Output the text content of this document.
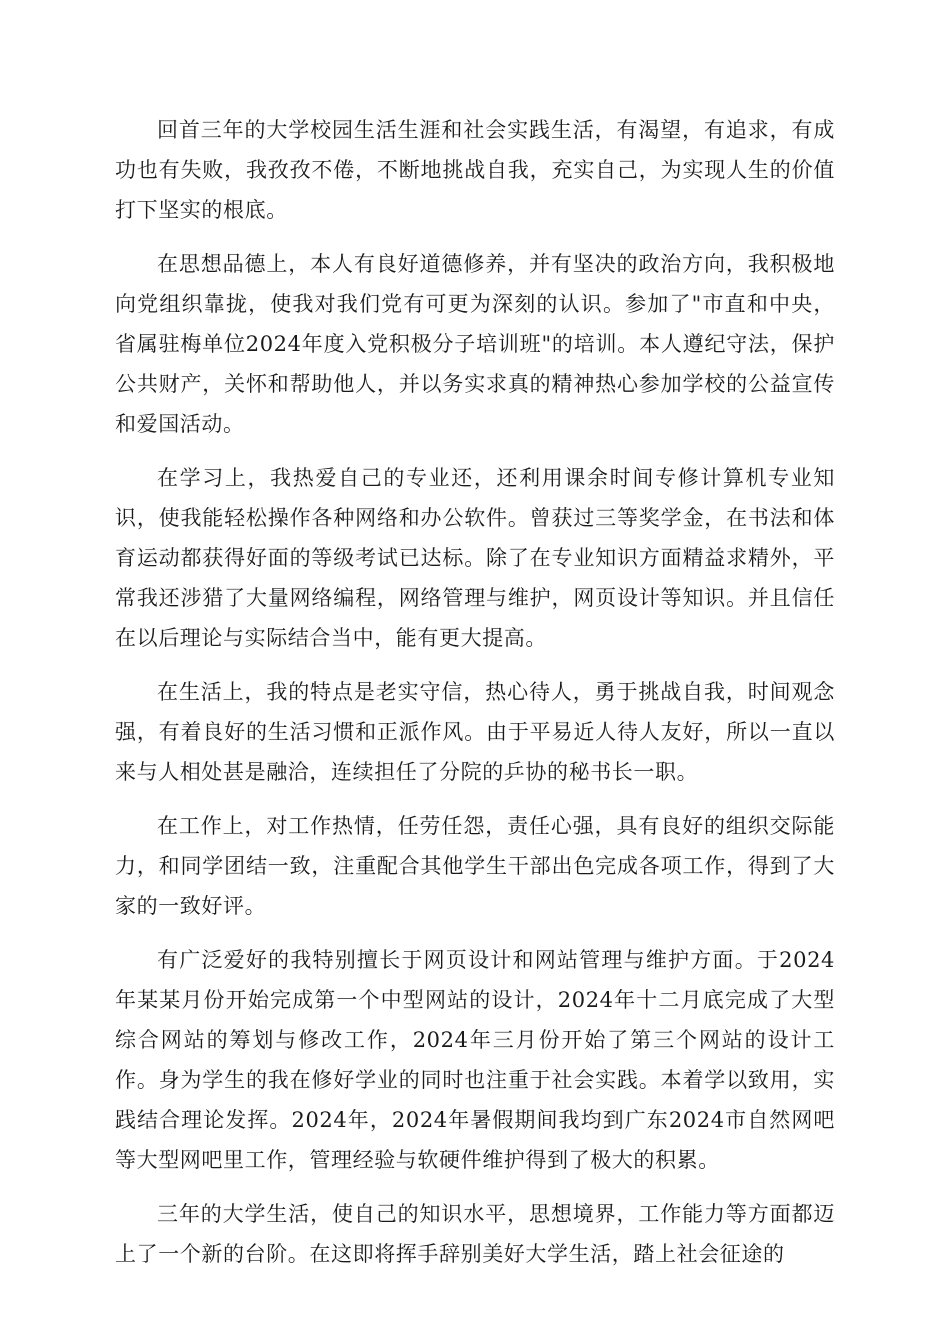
回首三年的大学校园生活生涯和社会实践生活，有渴望，有追求，有成功也有失败，我孜孜不倦，不断地挑战自我，充实自己，为实现人生的价值打下坚实的根底。

在思想品德上，本人有良好道德修养，并有坚决的政治方向，我积极地向党组织靠拢，使我对我们党有可更为深刻的认识。参加了"市直和中央，省属驻梅单位2024年度入党积极分子培训班"的培训。本人遵纪守法，保护公共财产，关怀和帮助他人，并以务实求真的精神热心参加学校的公益宣传和爱国活动。

在学习上，我热爱自己的专业还，还利用课余时间专修计算机专业知识，使我能轻松操作各种网络和办公软件。曾获过三等奖学金，在书法和体育运动都获得好面的等级考试已达标。除了在专业知识方面精益求精外，平常我还涉猎了大量网络编程，网络管理与维护，网页设计等知识。并且信任在以后理论与实际结合当中，能有更大提高。

在生活上，我的特点是老实守信，热心待人，勇于挑战自我，时间观念强，有着良好的生活习惯和正派作风。由于平易近人待人友好，所以一直以来与人相处甚是融洽，连续担任了分院的乒协的秘书长一职。

在工作上，对工作热情，任劳任怨，责任心强，具有良好的组织交际能力，和同学团结一致，注重配合其他学生干部出色完成各项工作，得到了大家的一致好评。

有广泛爱好的我特别擅长于网页设计和网站管理与维护方面。于2024年某某月份开始完成第一个中型网站的设计，2024年十二月底完成了大型综合网站的筹划与修改工作，2024年三月份开始了第三个网站的设计工作。身为学生的我在修好学业的同时也注重于社会实践。本着学以致用，实践结合理论发挥。2024年，2024年暑假期间我均到广东2024市自然网吧等大型网吧里工作，管理经验与软硬件维护得到了极大的积累。

三年的大学生活，使自己的知识水平，思想境界，工作能力等方面都迈上了一个新的台阶。在这即将挥手辞别美好大学生活，踏上社会征途的
